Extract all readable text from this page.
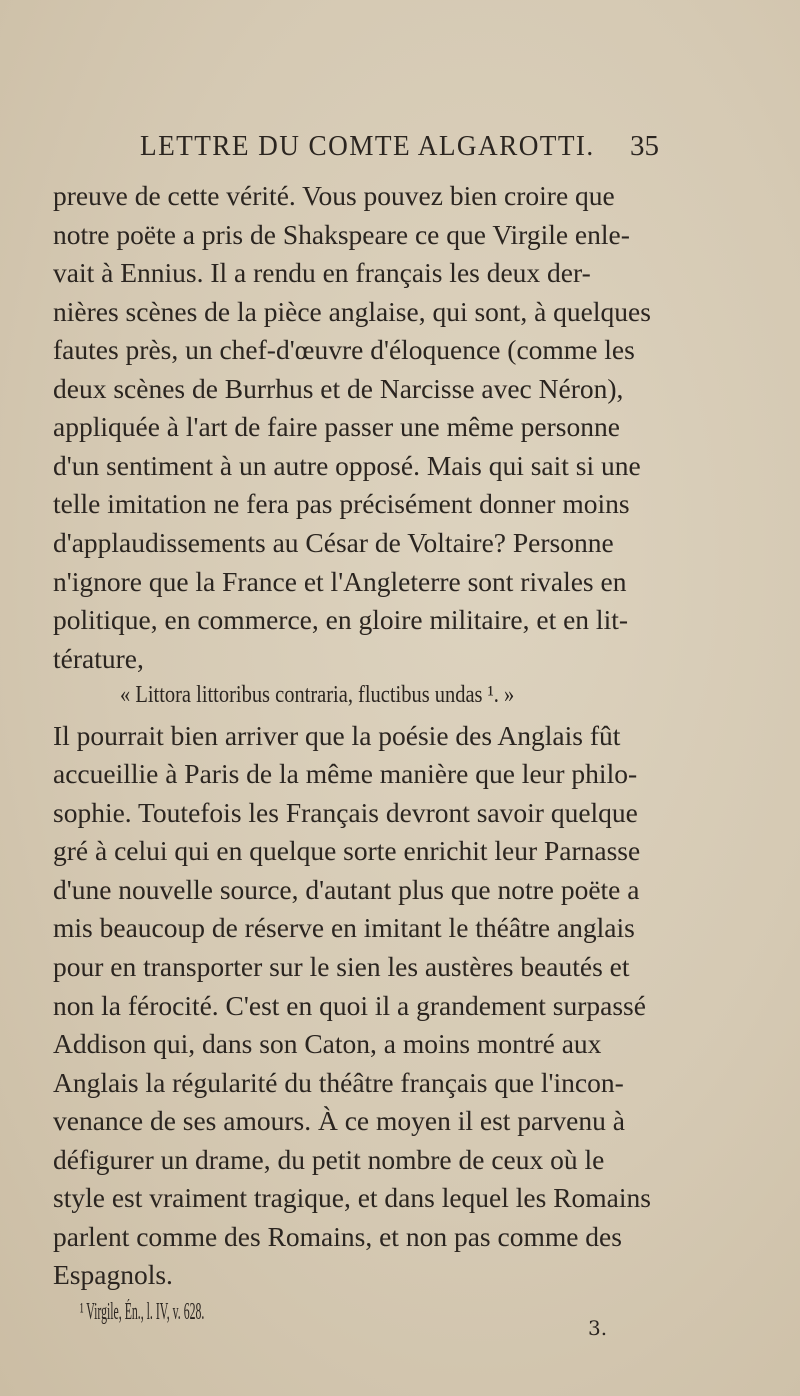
LETTRE DU COMTE ALGAROTTI. 35
preuve de cette vérité. Vous pouvez bien croire que
notre poëte a pris de Shakspeare ce que Virgile enle-
vait à Ennius. Il a rendu en français les deux der-
nières scènes de la pièce anglaise, qui sont, à quelques
fautes près, un chef-d'œuvre d'éloquence (comme les
deux scènes de Burrhus et de Narcisse avec Néron),
appliquée à l'art de faire passer une même personne
d'un sentiment à un autre opposé. Mais qui sait si une
telle imitation ne fera pas précisément donner moins
d'applaudissements au César de Voltaire? Personne
n'ignore que la France et l'Angleterre sont rivales en
politique, en commerce, en gloire militaire, et en lit-
térature,
« Littora littoribus contraria, fluctibus undas ¹. »
Il pourrait bien arriver que la poésie des Anglais fût
accueillie à Paris de la même manière que leur philo-
sophie. Toutefois les Français devront savoir quelque
gré à celui qui en quelque sorte enrichit leur Parnasse
d'une nouvelle source, d'autant plus que notre poëte a
mis beaucoup de réserve en imitant le théâtre anglais
pour en transporter sur le sien les austères beautés et
non la férocité. C'est en quoi il a grandement surpassé
Addison qui, dans son Caton, a moins montré aux
Anglais la régularité du théâtre français que l'incon-
venance de ses amours. À ce moyen il est parvenu à
défigurer un drame, du petit nombre de ceux où le
style est vraiment tragique, et dans lequel les Romains
parlent comme des Romains, et non pas comme des
Espagnols.
¹ Virgile, Én., l. IV, v. 628.
3.
